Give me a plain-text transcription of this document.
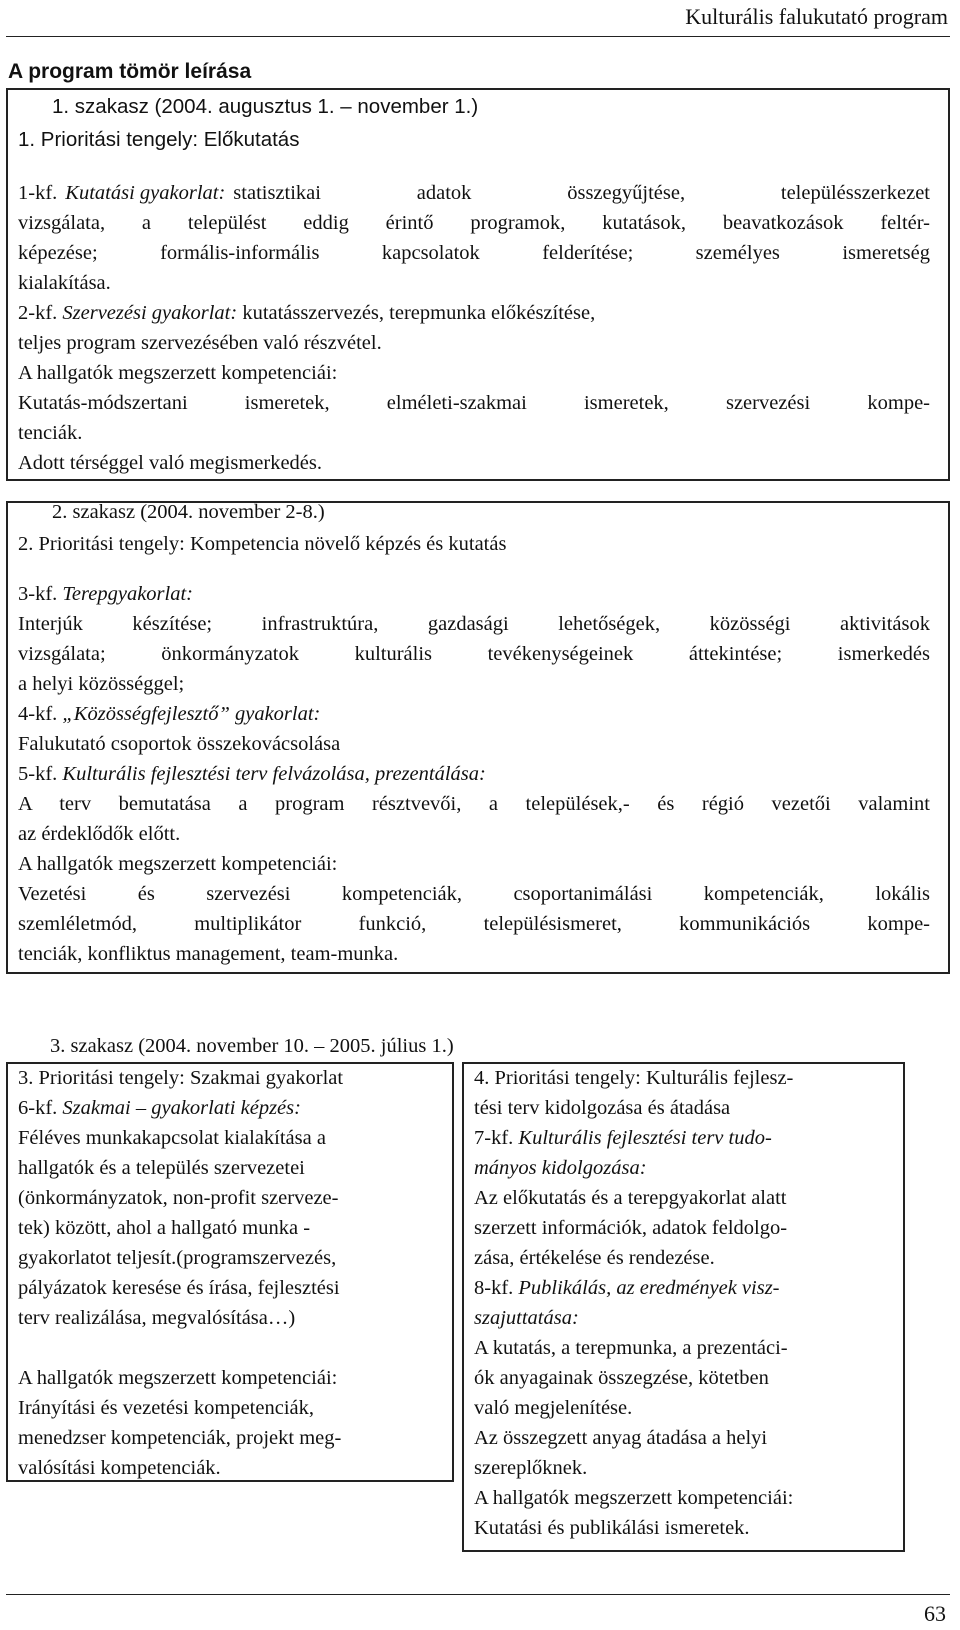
Kulturális falukutató program
A program tömör leírása
1. szakasz (2004. augusztus 1. – november 1.)
1. Prioritási tengely: Előkutatás
1-kf. Kutatási gyakorlat: statisztikai adatok összegyűjtése, településszerkezet
vizsgálata, a települést eddig érintő programok, kutatások, beavatkozások feltér-
képezése; formális-informális kapcsolatok felderítése; személyes ismeretség
kialakítása.
2-kf. Szervezési gyakorlat: kutatásszervezés, terepmunka előkészítése,
teljes program szervezésében való részvétel.
A hallgatók megszerzett kompetenciái:
Kutatás-módszertani ismeretek, elméleti-szakmai ismeretek, szervezési kompe-
tenciák.
Adott térséggel való megismerkedés.
2. szakasz (2004. november 2-8.)
2. Prioritási tengely: Kompetencia növelő képzés és kutatás
3-kf. Terepgyakorlat:
Interjúk készítése; infrastruktúra, gazdasági lehetőségek, közösségi aktivitások
vizsgálata; önkormányzatok kulturális tevékenységeinek áttekintése; ismerkedés
a helyi közösséggel;
4-kf. „Közösségfejlesztő” gyakorlat:
Falukutató csoportok összekovácsolása
5-kf. Kulturális fejlesztési terv felvázolása, prezentálása:
A terv bemutatása a program résztvevői, a települések,- és régió vezetői valamint
az érdeklődők előtt.
A hallgatók megszerzett kompetenciái:
Vezetési és szervezési kompetenciák, csoportanimálási kompetenciák, lokális
szemléletmód, multiplikátor funkció, településismeret, kommunikációs kompe-
tenciák, konfliktus management, team-munka.
3. szakasz (2004. november 10. – 2005. július 1.)
3. Prioritási tengely: Szakmai gyakorlat
6-kf. Szakmai – gyakorlati képzés:
Féléves munkakapcsolat kialakítása a
hallgatók és a település szervezetei
(önkormányzatok, non-profit szerveze-
tek) között, ahol a hallgató munka -
gyakorlatot teljesít.(programszervezés,
pályázatok keresése és írása, fejlesztési
terv realizálása, megvalósítása…)
A hallgatók megszerzett kompetenciái:
Irányítási és vezetési kompetenciák,
menedzser kompetenciák, projekt meg-
valósítási kompetenciák.
4. Prioritási tengely: Kulturális fejlesz-
tési terv kidolgozása és átadása
7-kf. Kulturális fejlesztési terv tudo-
mányos kidolgozása:
Az előkutatás és a terepgyakorlat alatt
szerzett információk, adatok feldolgo-
zása, értékelése és rendezése.
8-kf. Publikálás, az eredmények visz-
szajuttatása:
A kutatás, a terepmunka, a prezentáci-
ók anyagainak összegzése, kötetben
való megjelenítése.
Az összegzett anyag átadása a helyi
szereplőknek.
A hallgatók megszerzett kompetenciái:
Kutatási és publikálási ismeretek.
63
